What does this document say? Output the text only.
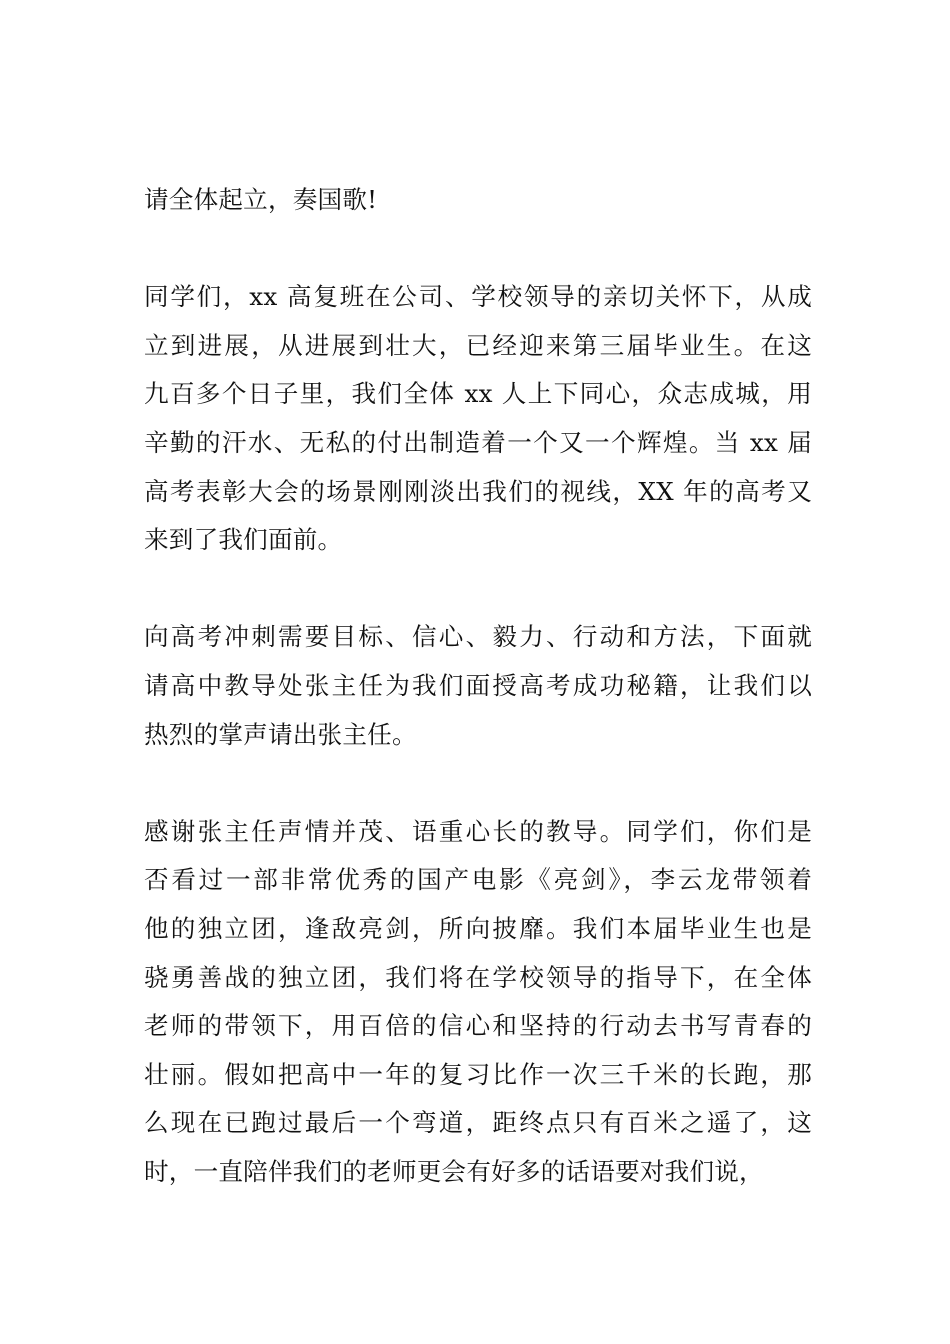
请全体起立，奏国歌!

同学们，xx 高复班在公司、学校领导的亲切关怀下，从成
立到进展，从进展到壮大，已经迎来第三届毕业生。在这
九百多个日子里，我们全体 xx 人上下同心，众志成城，用
辛勤的汗水、无私的付出制造着一个又一个辉煌。当 xx 届
高考表彰大会的场景刚刚淡出我们的视线，XX 年的高考又
来到了我们面前。

向高考冲刺需要目标、信心、毅力、行动和方法，下面就
请高中教导处张主任为我们面授高考成功秘籍，让我们以
热烈的掌声请出张主任。

感谢张主任声情并茂、语重心长的教导。同学们，你们是
否看过一部非常优秀的国产电影《亮剑》，李云龙带领着
他的独立团，逢敌亮剑，所向披靡。我们本届毕业生也是
骁勇善战的独立团，我们将在学校领导的指导下，在全体
老师的带领下，用百倍的信心和坚持的行动去书写青春的
壮丽。假如把高中一年的复习比作一次三千米的长跑，那
么现在已跑过最后一个弯道，距终点只有百米之遥了，这
时，一直陪伴我们的老师更会有好多的话语要对我们说，
